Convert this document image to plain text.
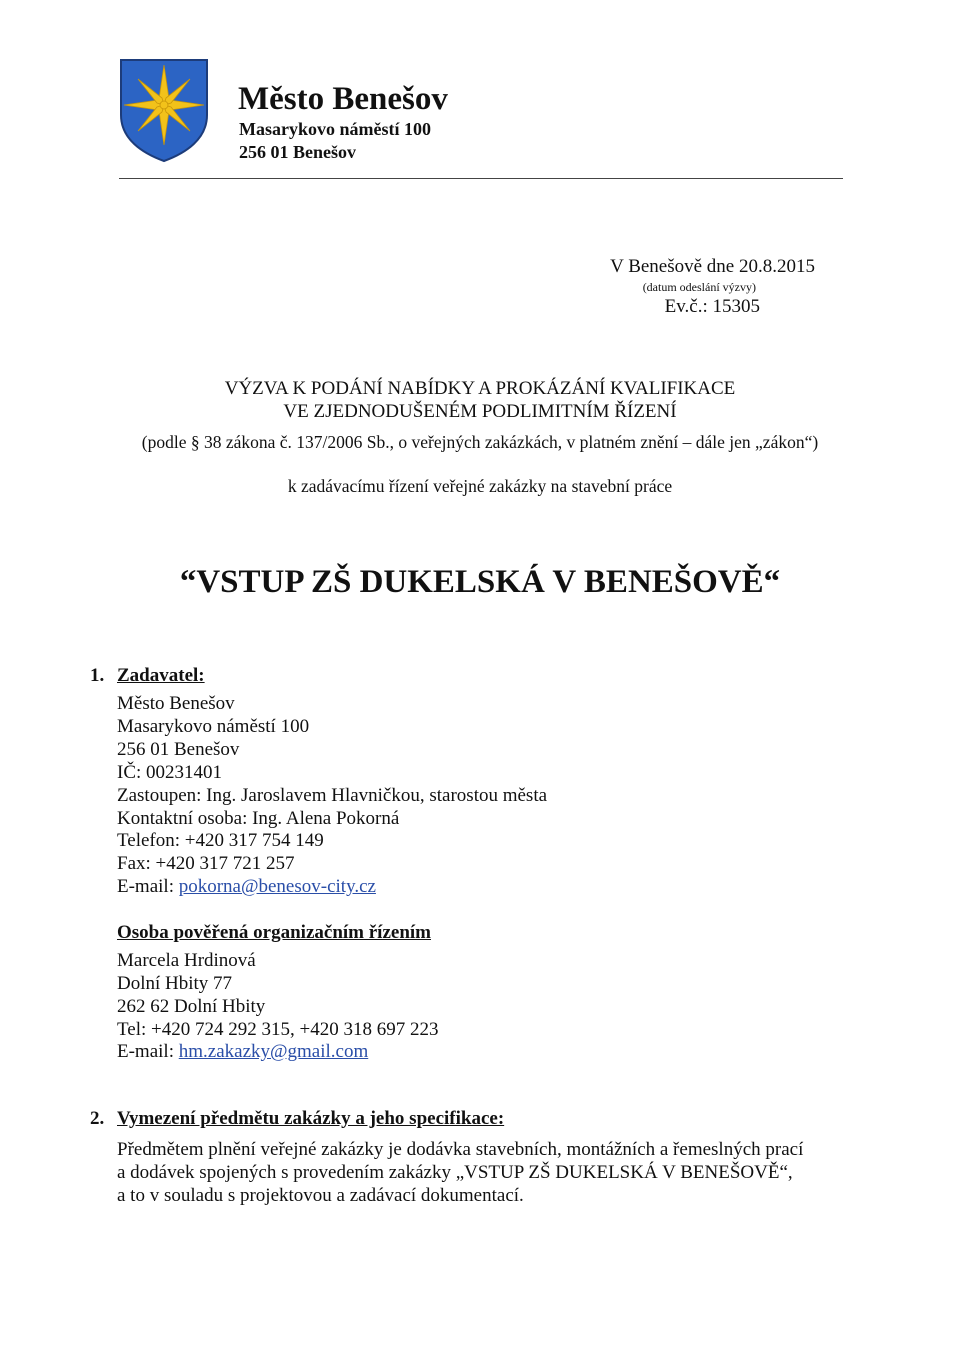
Město Benešov
Masarykovo náměstí 100
256 01 Benešov
V Benešově dne 20.8.2015
(datum odeslání výzvy)
Ev.č.: 15305
VÝZVA K PODÁNÍ NABÍDKY A PROKÁZÁNÍ KVALIFIKACE
VE ZJEDNODUŠENÉM PODLIMITNÍM ŘÍZENÍ
(podle § 38 zákona č. 137/2006 Sb., o veřejných zakázkách, v platném znění – dále jen „zákon“)
k zadávacímu řízení veřejné zakázky na stavební práce
“VSTUP ZŠ DUKELSKÁ V BENEŠOVĚ“
1. Zadavatel:
Město Benešov
Masarykovo náměstí 100
256 01 Benešov
IČ: 00231401
Zastoupen: Ing. Jaroslavem Hlavničkou, starostou města
Kontaktní osoba: Ing. Alena Pokorná
Telefon: +420 317 754 149
Fax: +420 317 721 257
E-mail: pokorna@benesov-city.cz
Osoba pověřená organizačním řízením
Marcela Hrdinová
Dolní Hbity 77
262 62 Dolní Hbity
Tel: +420 724 292 315, +420 318 697 223
E-mail: hm.zakazky@gmail.com
2. Vymezení předmětu zakázky a jeho specifikace:
Předmětem plnění veřejné zakázky je dodávka stavebních, montážních a řemeslných prací
a dodávek spojených s provedením zakázky „VSTUP ZŠ DUKELSKÁ V BENEŠOVĚ“,
a to v souladu s projektovou a zadávací dokumentací.
